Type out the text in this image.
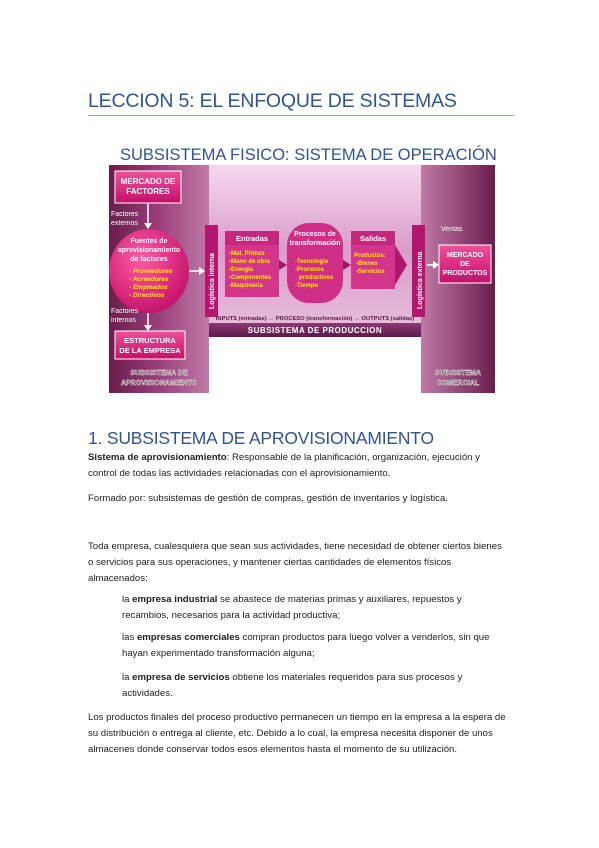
LECCION 5: EL ENFOQUE DE SISTEMAS
SUBSISTEMA FISICO: SISTEMA DE OPERACIÓN
MERCADO DE
FACTORES
Factores
externos
Fuentes de
aprovisionamiento
de factores
- Proveedores
- Acreedores
- Empleados
- Directivos
Factores
internos
ESTRUCTURA
DE LA EMPRESA
Logística interna
Entradas
-Mat. Primas
-Mano de obra
-Energía
-Componentes
-Maquinaria
Procesos de
transformación
-Tecnología
-Procesos
productivos
-Tiempo
Salidas
Productos:
-Bienes
-Servicios	Logística externa
Ventas
MERCADO
DE
PRODUCTOS
INPUTS (entradas) → PROCESO (transformación) → OUTPUTS (salidas)
SUBSISTEMA DE PRODUCCION
SUBSISTEMA DE
APROVISIONAMIENTO
SUBSISTEMA
COMERCIAL
1. SUBSISTEMA DE APROVISIONAMIENTO
Sistema de aprovisionamiento: Responsable de la planificación, organización, ejecución y control de todas las actividades relacionadas con el aprovisionamiento.
Formado por: subsistemas de gestión de compras, gestión de inventarios y logística.
Toda empresa, cualesquiera que sean sus actividades, tiene necesidad de obtener ciertos bienes o servicios para sus operaciones, y mantener ciertas cantidades de elementos físicos almacenados:
la empresa industrial se abastece de materias primas y auxiliares, repuestos y recambios, necesarios para la actividad productiva;
las empresas comerciales compran productos para luego volver a venderlos, sin que hayan experimentado transformación alguna;
la empresa de servicios obtiene los materiales requeridos para sus procesos y actividades.
Los productos finales del proceso productivo permanecen un tiempo en la empresa a la espera de su distribución o entrega al cliente, etc. Debido a lo cual, la empresa necesita disponer de unos almacenes donde conservar todos esos elementos hasta el momento de su utilización.
